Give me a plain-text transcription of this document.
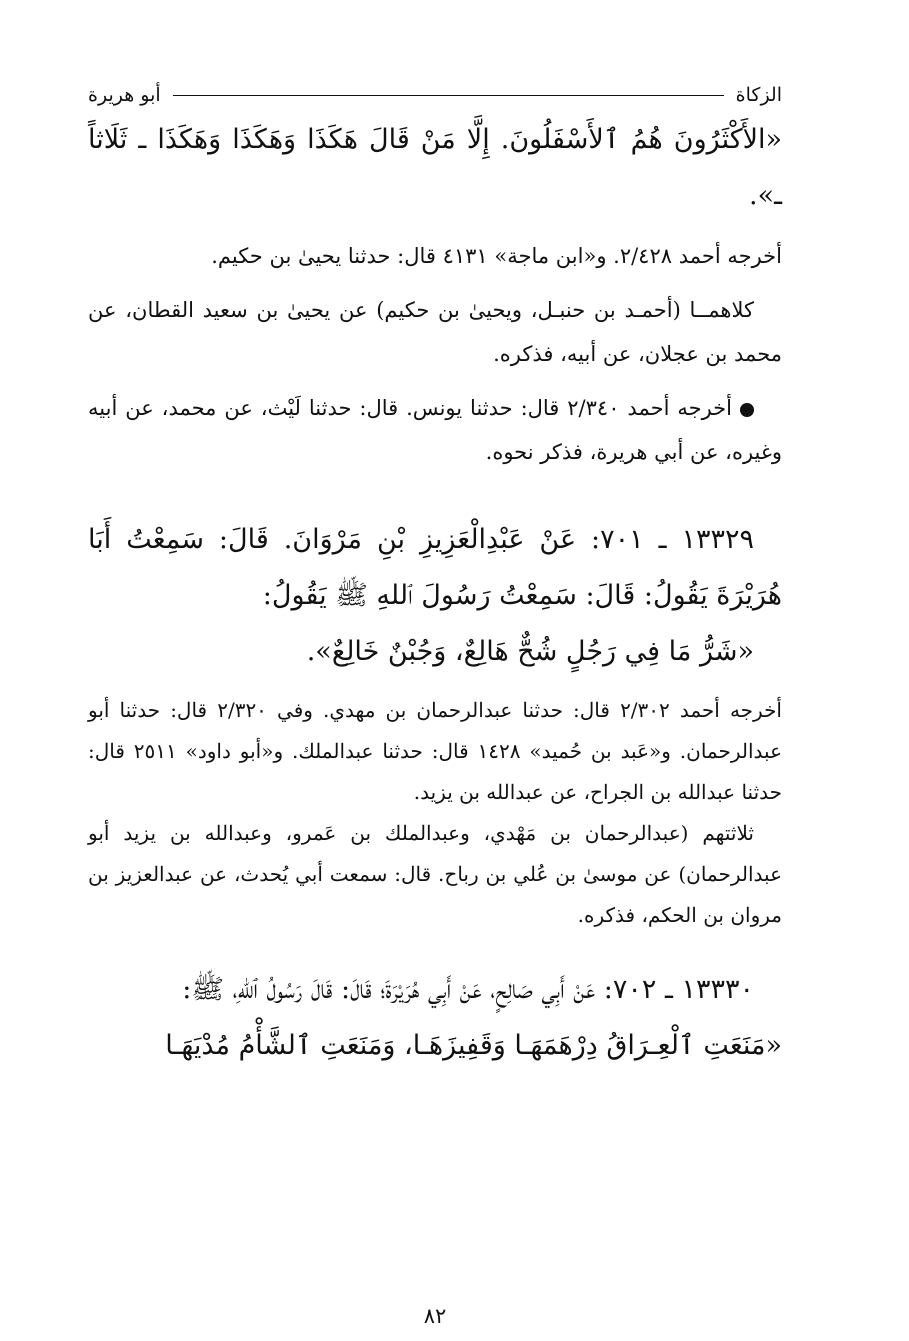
الزكاة
أبو هريرة

«الأَكْثَرُونَ هُمُ ٱلأَسْفَلُونَ. إِلَّا مَنْ قَالَ هَكَذَا وَهَكَذَا وَهَكَذَا ـ ثَلَاثاً ـ».

أخرجه أحمد ٢/٤٢٨. و«ابن ماجة» ٤١٣١ قال: حدثنا يحيىٰ بن حكيم.

كلاهمــا (أحمـد بن حنبـل، ويحيىٰ بن حكيم) عن يحيىٰ بن سعيد القطان، عن محمد بن عجلان، عن أبيه، فذكره.

أخرجه أحمد ٢/٣٤٠ قال: حدثنا يونس. قال: حدثنا لَيْث، عن محمد، عن أبيه وغيره، عن أبي هريرة، فذكر نحوه.

١٣٣٢٩ ـ ٧٠١: عَنْ عَبْدِالْعَزِيزِ بْنِ مَرْوَانَ. قَالَ: سَمِعْتُ أَبَا هُرَيْرَةَ يَقُولُ: قَالَ: سَمِعْتُ رَسُولَ ٱللهِ ﷺ يَقُولُ:

«شَرُّ مَا فِي رَجُلٍ شُحٌّ هَالِعٌ، وَجُبْنٌ خَالِعٌ».

أخرجه أحمد ٢/٣٠٢ قال: حدثنا عبدالرحمان بن مهدي. وفي ٢/٣٢٠ قال: حدثنا أبو عبدالرحمان. و«عَبد بن حُميد» ١٤٢٨ قال: حدثنا عبدالملك. و«أبو داود» ٢٥١١ قال: حدثنا عبدالله بن الجراح، عن عبدالله بن يزيد.

ثلاثتهم (عبدالرحمان بن مَهْدي، وعبدالملك بن عَمرو، وعبدالله بن يزيد أبو عبدالرحمان) عن موسىٰ بن عُلي بن رباح. قال: سمعت أبي يُحدث، عن عبدالعزيز بن مروان بن الحكم، فذكره.

١٣٣٣٠ ـ ٧٠٢: عَنْ أَبِي صَالِحٍ، عَنْ أَبِي هُرَيْرَةَ؛ قَالَ: قَالَ رَسُولُ ٱللهِ، ﷺ:

«مَنَعَتِ ٱلْعِـرَاقُ دِرْهَمَهَـا وَقَفِيزَهَـا، وَمَنَعَتِ ٱلشَّأْمُ مُدْيَهَـا

٨٢
